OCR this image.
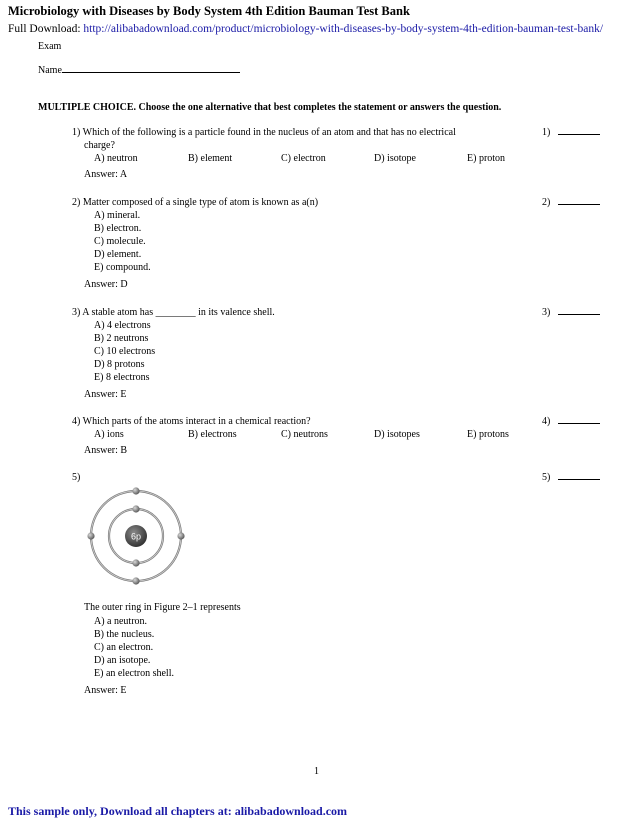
Microbiology with Diseases by Body System 4th Edition Bauman Test Bank
Full Download: http://alibabadownload.com/product/microbiology-with-diseases-by-body-system-4th-edition-bauman-test-bank/
Exam
Name
MULTIPLE CHOICE. Choose the one alternative that best completes the statement or answers the question.
1) Which of the following is a particle found in the nucleus of an atom and that has no electrical
charge?
1)
A) neutron	B) element	C) electron	D) isotope	E) proton
Answer: A
2) Matter composed of a single type of atom is known as a(n)	2)
A) mineral.
B) electron.
C) molecule.
D) element.
E) compound.
Answer: D
3) A stable atom has ________ in its valence shell.	3)
A) 4 electrons
B) 2 neutrons
C) 10 electrons
D) 8 protons
E) 8 electrons
Answer: E
4) Which parts of the atoms interact in a chemical reaction?	4)
A) ions	B) electrons	C) neutrons	D) isotopes	E) protons
Answer: B
5)	5)
6p
The outer ring in Figure 2–1 represents
A) a neutron.
B) the nucleus.
C) an electron.
D) an isotope.
E) an electron shell.
Answer: E
1
This sample only, Download all chapters at: alibabadownload.com
